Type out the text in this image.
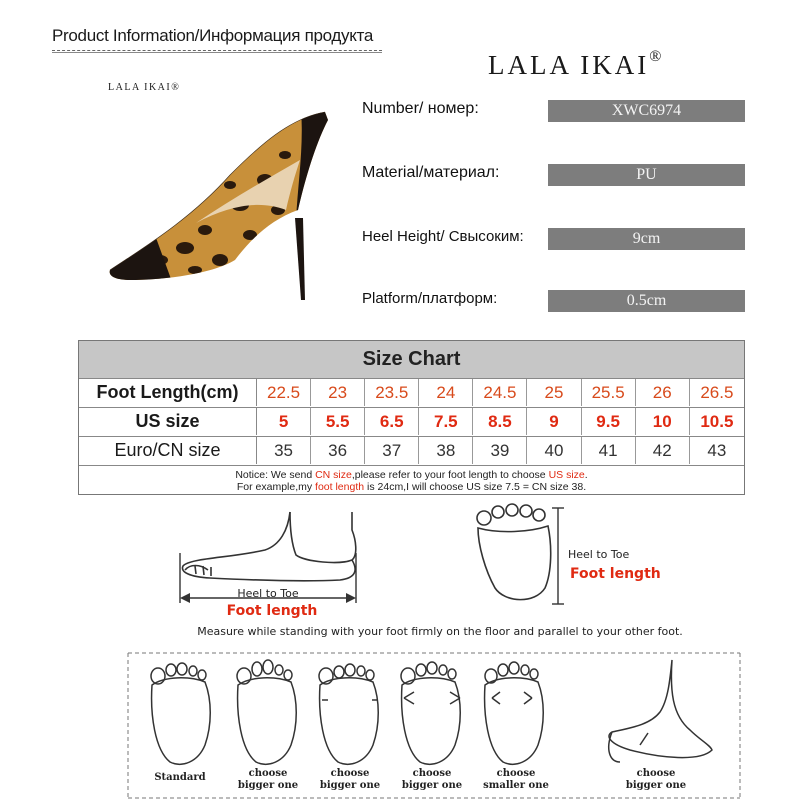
Product Information/Информация продукта
LALA IKAI®
LALA IKAI®
Number/ номер:	XWC6974
Material/материал:	PU
Heel Height/ Свысоким:	9cm
Platform/платформ:	0.5cm
Size Chart
Foot Length(cm)	22.5	23	23.5	24	24.5	25	25.5	26	26.5
US size	5	5.5	6.5	7.5	8.5	9	9.5	10	10.5
Euro/CN size	35	36	37	38	39	40	41	42	43
Notice: We send CN size,please refer to your foot length to choose US size.
For example,my foot length is 24cm,I will choose US size 7.5 = CN size 38.
Heel to Toe
Foot length
Heel to Toe
Foot length
Measure while standing with your foot firmly on the floor and parallel to your other foot.
Standard	choose
bigger one
choose
bigger one
choose
bigger one
choose
smaller one
choose
bigger one
